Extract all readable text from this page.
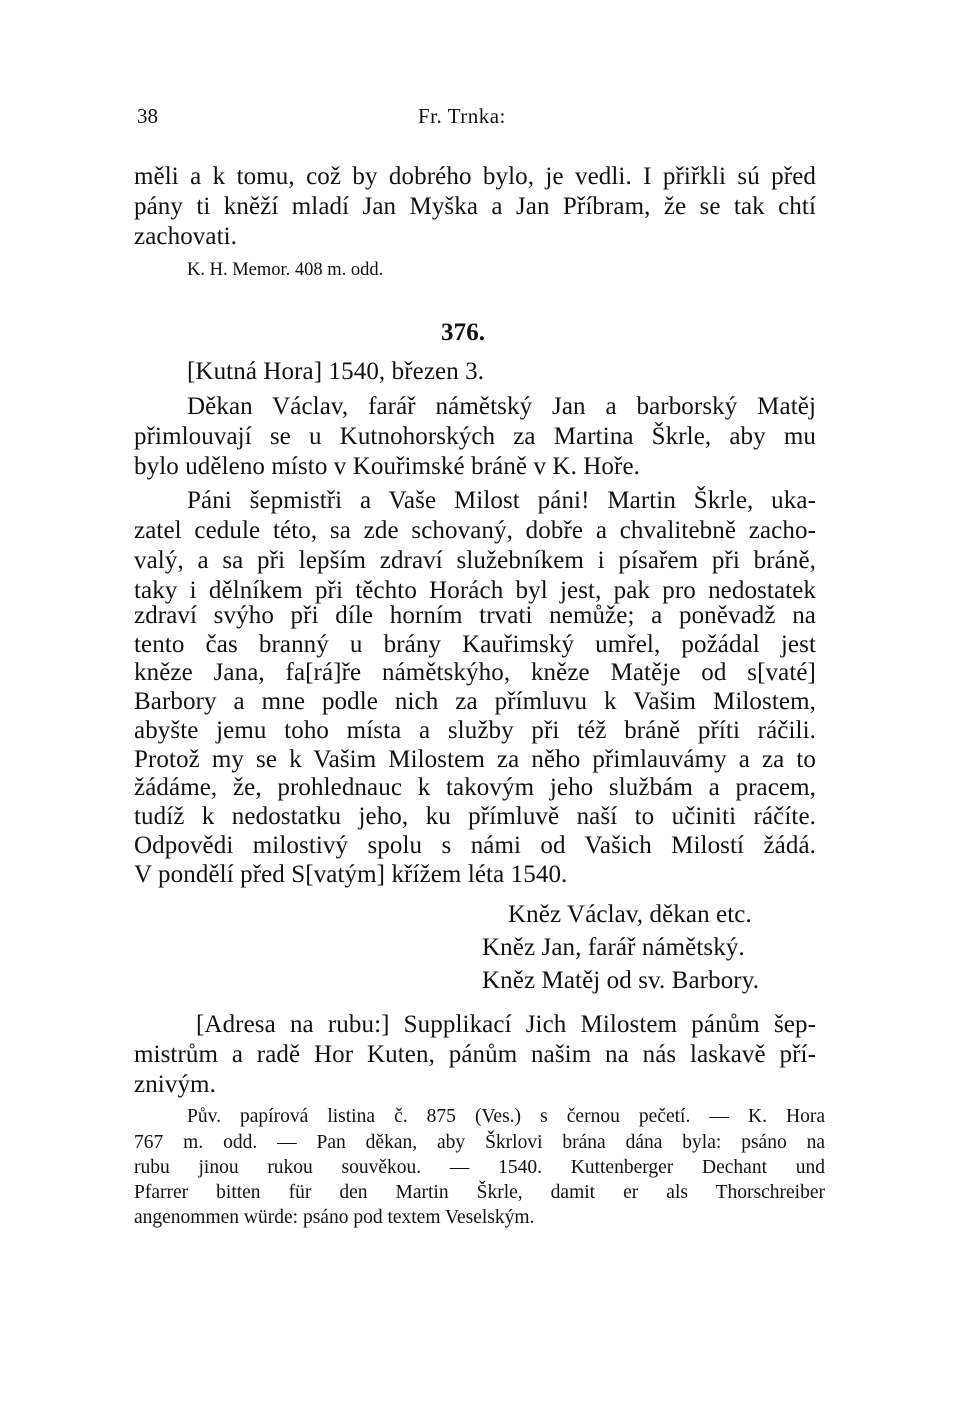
38	Fr. Trnka:
měli a k tomu, což by dobrého bylo, je vedli. I přiřkli sú před
pány ti kněží mladí Jan Myška a Jan Příbram, že se tak chtí
zachovati.
K. H. Memor. 408 m. odd.
376.
[Kutná Hora] 1540, březen 3.
Děkan Václav, farář námětský Jan a barborský Matěj
přimlouvají se u Kutnohorských za Martina Škrle, aby mu
bylo uděleno místo v Kouřimské bráně v K. Hoře.
Páni šepmistři a Vaše Milost páni! Martin Škrle, uka-
zatel cedule této, sa zde schovaný, dobře a chvalitebně zacho-
valý, a sa při lepším zdraví služebníkem i písařem při bráně,
taky i dělníkem při těchto Horách byl jest, pak pro nedostatek
zdraví svýho při díle horním trvati nemůže; a poněvadž na
tento čas branný u brány Kauřimský umřel, požádal jest
kněze Jana, fa[rá]ře námětskýho, kněze Matěje od s[vaté]
Barbory a mne podle nich za přímluvu k Vašim Milostem,
abyšte jemu toho místa a služby při též bráně příti ráčili.
Protož my se k Vašim Milostem za něho přimlauvámy a za to
žádáme, že, prohlednauc k takovým jeho službám a pracem,
tudíž k nedostatku jeho, ku přímluvě naší to učiniti ráčíte.
Odpovědi milostivý spolu s námi od Vašich Milostí žádá.
V pondělí před S[vatým] křížem léta 1540.
Kněz Václav, děkan etc.
Kněz Jan, farář námětský.
Kněz Matěj od sv. Barbory.
[Adresa na rubu:] Supplikací Jich Milostem pánům šep-
mistrům a radě Hor Kuten, pánům našim na nás laskavě pří-
znivým.
Pův. papírová listina č. 875 (Ves.) s černou pečetí. — K. Hora
767 m. odd. — Pan děkan, aby Škrlovi brána dána byla: psáno na
rubu jinou rukou souvěkou. — 1540. Kuttenberger Dechant und
Pfarrer bitten für den Martin Škrle, damit er als Thorschreiber
angenommen würde: psáno pod textem Veselským.
